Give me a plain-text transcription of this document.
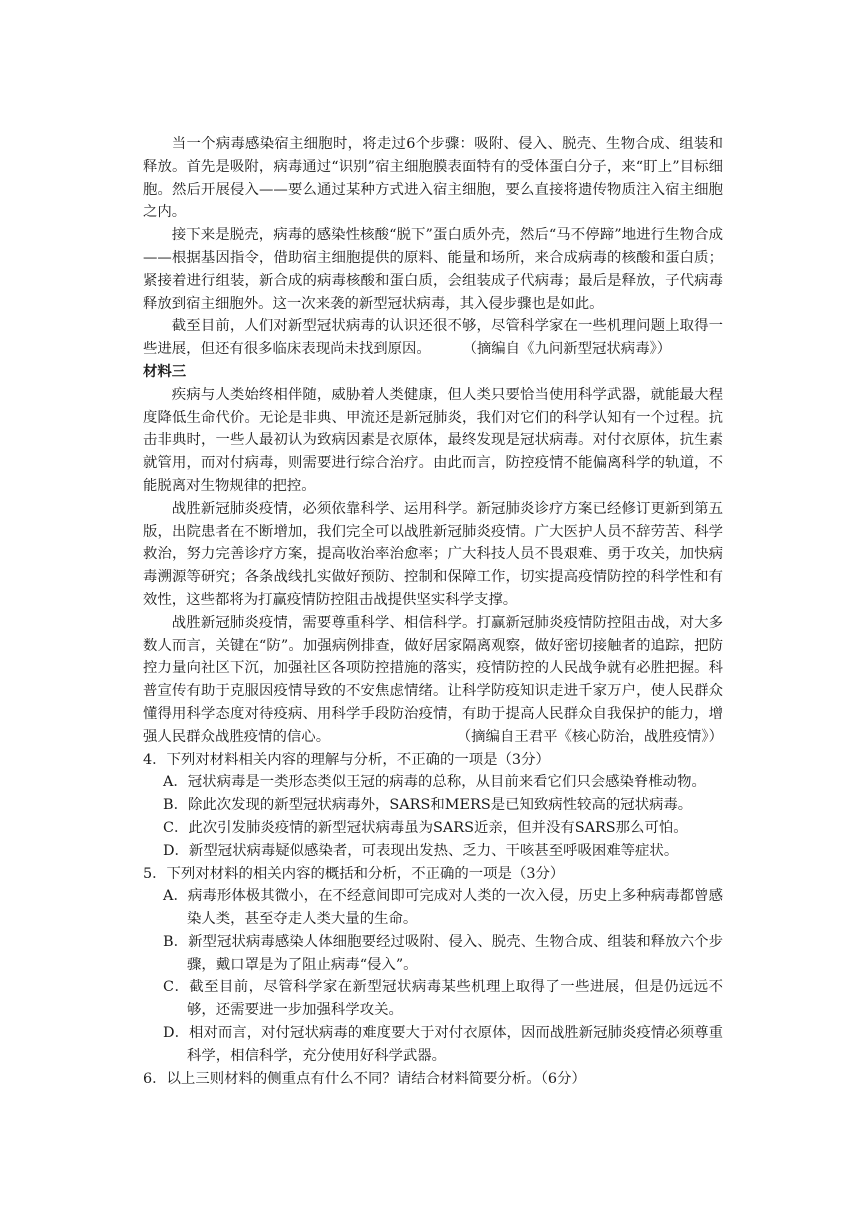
当一个病毒感染宿主细胞时，将走过6个步骤：吸附、侵入、脱壳、生物合成、组装和释放。首先是吸附，病毒通过“识别”宿主细胞膜表面特有的受体蛋白分子，来“盯上”目标细胞。然后开展侵入——要么通过某种方式进入宿主细胞，要么直接将遗传物质注入宿主细胞之内。

接下来是脱壳，病毒的感染性核酸“脱下”蛋白质外壳，然后“马不停蹄”地进行生物合成——根据基因指令，借助宿主细胞提供的原料、能量和场所，来合成病毒的核酸和蛋白质；紧接着进行组装，新合成的病毒核酸和蛋白质，会组装成子代病毒；最后是释放，子代病毒释放到宿主细胞外。这一次来袭的新型冠状病毒，其入侵步骤也是如此。

截至目前，人们对新型冠状病毒的认识还很不够，尽管科学家在一些机理问题上取得一些进展，但还有很多临床表现尚未找到原因。 （摘编自《九问新型冠状病毒》）

材料三

疾病与人类始终相伴随，威胁着人类健康，但人类只要恰当使用科学武器，就能最大程度降低生命代价。无论是非典、甲流还是新冠肺炎，我们对它们的科学认知有一个过程。抗击非典时，一些人最初认为致病因素是衣原体，最终发现是冠状病毒。对付衣原体，抗生素就管用，而对付病毒，则需要进行综合治疗。由此而言，防控疫情不能偏离科学的轨道，不能脱离对生物规律的把控。

战胜新冠肺炎疫情，必须依靠科学、运用科学。新冠肺炎诊疗方案已经修订更新到第五版，出院患者在不断增加，我们完全可以战胜新冠肺炎疫情。广大医护人员不辞劳苦、科学救治，努力完善诊疗方案，提高收治率治愈率；广大科技人员不畏艰难、勇于攻关，加快病毒溯源等研究；各条战线扎实做好预防、控制和保障工作，切实提高疫情防控的科学性和有效性，这些都将为打赢疫情防控阻击战提供坚实科学支撑。

战胜新冠肺炎疫情，需要尊重科学、相信科学。打赢新冠肺炎疫情防控阻击战，对大多数人而言，关键在“防”。加强病例排查，做好居家隔离观察，做好密切接触者的追踪，把防控力量向社区下沉，加强社区各项防控措施的落实，疫情防控的人民战争就有必胜把握。科普宣传有助于克服因疫情导致的不安焦虑情绪。让科学防疫知识走进千家万户，使人民群众懂得用科学态度对待疫病、用科学手段防治疫情，有助于提高人民群众自我保护的能力，增强人民群众战胜疫情的信心。	（摘编自王君平《核心防治，战胜疫情》）

4．下列对材料相关内容的理解与分析，不正确的一项是（3分）

A．冠状病毒是一类形态类似王冠的病毒的总称，从目前来看它们只会感染脊椎动物。

B．除此次发现的新型冠状病毒外，SARS和MERS是已知致病性较高的冠状病毒。

C．此次引发肺炎疫情的新型冠状病毒虽为SARS近亲，但并没有SARS那么可怕。

D．新型冠状病毒疑似感染者，可表现出发热、乏力、干咳甚至呼吸困难等症状。

5．下列对材料的相关内容的概括和分析，不正确的一项是（3分）

A．病毒形体极其微小，在不经意间即可完成对人类的一次入侵，历史上多种病毒都曾感染人类，甚至夺走人类大量的生命。

B．新型冠状病毒感染人体细胞要经过吸附、侵入、脱壳、生物合成、组装和释放六个步骤，戴口罩是为了阻止病毒“侵入”。

C．截至目前，尽管科学家在新型冠状病毒某些机理上取得了一些进展，但是仍远远不够，还需要进一步加强科学攻关。

D．相对而言，对付冠状病毒的难度要大于对付衣原体，因而战胜新冠肺炎疫情必须尊重科学，相信科学，充分使用好科学武器。

6．以上三则材料的侧重点有什么不同？请结合材料简要分析。（6分）
